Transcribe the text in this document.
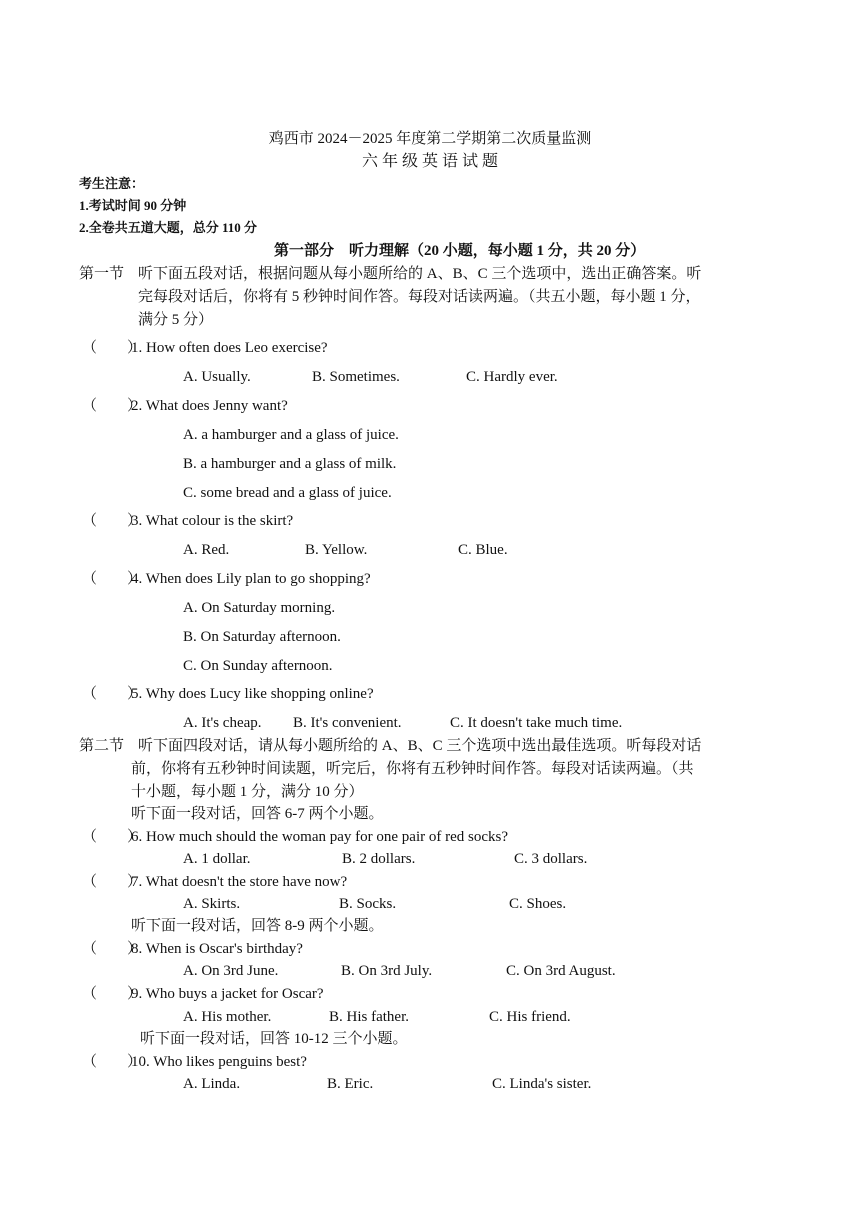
鸡西市 2024－2025 年度第二学期第二次质量监测
六 年 级 英 语 试 题
考生注意：
1.考试时间 90 分钟
2.全卷共五道大题，总分 110 分
第一部分　听力理解（20 小题，每小题 1 分，共 20 分）
第一节 听下面五段对话，根据问题从每小题所给的 A、B、C 三个选项中，选出正确答案。听
完每段对话后，你将有 5 秒钟时间作答。每段对话读两遍。（共五小题，每小题 1 分，
满分 5 分）
（　　）
1. How often does Leo exercise?
A. Usually.	B. Sometimes.	C. Hardly ever.
（　　）
2. What does Jenny want?
A. a hamburger and a glass of juice.
B. a hamburger and a glass of milk.
C. some bread and a glass of juice.
（　　）
3. What colour is the skirt?
A. Red.	B. Yellow.	C. Blue.
（　　）
4. When does Lily plan to go shopping?
A. On Saturday morning.
B. On Saturday afternoon.
C. On Sunday afternoon.
（　　）
5. Why does Lucy like shopping online?
A. It's cheap. B. It's convenient.	C. It doesn't take much time.
第二节 听下面四段对话，请从每小题所给的 A、B、C 三个选项中选出最佳选项。听每段对话
前，你将有五秒钟时间读题，听完后，你将有五秒钟时间作答。每段对话读两遍。（共
十小题，每小题 1 分，满分 10 分）
听下面一段对话，回答 6-7 两个小题。
（　　）
6. How much should the woman pay for one pair of red socks?
A. 1 dollar.	B. 2 dollars.	C. 3 dollars.
（　　）
7. What doesn't the store have now?
A. Skirts.	B. Socks.	C. Shoes.
听下面一段对话，回答 8-9 两个小题。
（　　）
8. When is Oscar's birthday?
A. On 3rd June.	B. On 3rd July.	C. On 3rd August.
（　　）
9. Who buys a jacket for Oscar?
A. His mother.	B. His father.	C. His friend.
听下面一段对话，回答 10-12 三个小题。
（　　）
10. Who likes penguins best?
A. Linda.	B. Eric.	C. Linda's sister.
